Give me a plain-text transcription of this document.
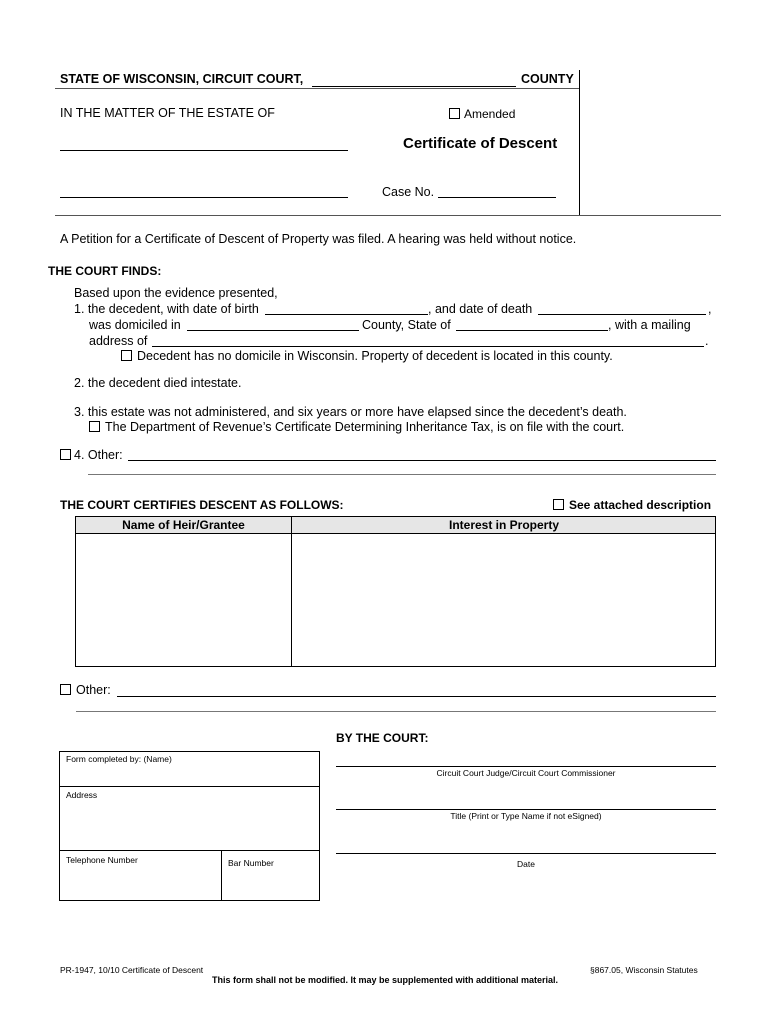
STATE OF WISCONSIN, CIRCUIT COURT,	COUNTY
IN THE MATTER OF THE ESTATE OF	Amended
Certificate of Descent
Case No.
A Petition for a Certificate of Descent of Property was filed. A hearing was held without notice.
THE COURT FINDS:
Based upon the evidence presented,
1. the decedent, with date of birth	, and date of death	,
was domiciled in	County, State of	, with a mailing
address of	.
Decedent has no domicile in Wisconsin. Property of decedent is located in this county.
2. the decedent died intestate.
3. this estate was not administered, and six years or more have elapsed since the decedent’s death.
The Department of Revenue’s Certificate Determining Inheritance Tax, is on file with the court.
4. Other:
THE COURT CERTIFIES DESCENT AS FOLLOWS:	See attached description
Name of Heir/Grantee	Interest in Property
Other:
BY THE COURT:
Circuit Court Judge/Circuit Court Commissioner
Title (Print or Type Name if not eSigned)
Date
Form completed by: (Name)
Address
Telephone Number	Bar Number
PR-1947, 10/10 Certificate of Descent	§867.05, Wisconsin Statutes
This form shall not be modified. It may be supplemented with additional material.
